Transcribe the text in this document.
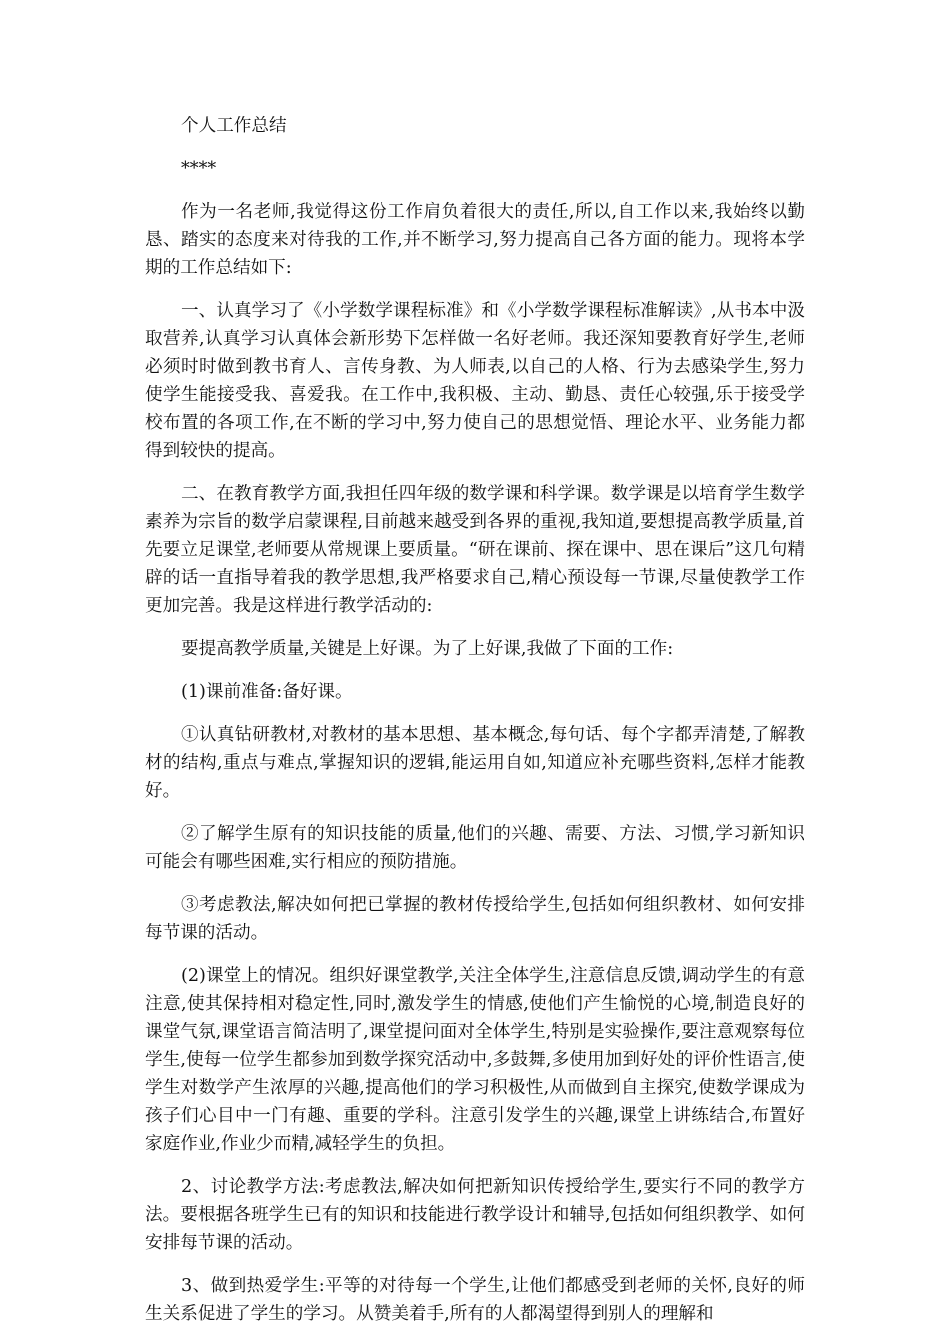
个人工作总结

****

作为一名老师,我觉得这份工作肩负着很大的责任,所以,自工作以来,我始终以勤恳、踏实的态度来对待我的工作,并不断学习,努力提高自己各方面的能力。现将本学期的工作总结如下:

一、认真学习了《小学数学课程标准》和《小学数学课程标准解读》,从书本中汲取营养,认真学习认真体会新形势下怎样做一名好老师。我还深知要教育好学生,老师必须时时做到教书育人、言传身教、为人师表,以自己的人格、行为去感染学生,努力使学生能接受我、喜爱我。在工作中,我积极、主动、勤恳、责任心较强,乐于接受学校布置的各项工作,在不断的学习中,努力使自己的思想觉悟、理论水平、业务能力都得到较快的提高。

二、在教育教学方面,我担任四年级的数学课和科学课。数学课是以培育学生数学素养为宗旨的数学启蒙课程,目前越来越受到各界的重视,我知道,要想提高教学质量,首先要立足课堂,老师要从常规课上要质量。“研在课前、探在课中、思在课后”这几句精辟的话一直指导着我的教学思想,我严格要求自己,精心预设每一节课,尽量使教学工作更加完善。我是这样进行教学活动的:

要提高教学质量,关键是上好课。为了上好课,我做了下面的工作:

(1)课前准备:备好课。

①认真钻研教材,对教材的基本思想、基本概念,每句话、每个字都弄清楚,了解教材的结构,重点与难点,掌握知识的逻辑,能运用自如,知道应补充哪些资料,怎样才能教好。

②了解学生原有的知识技能的质量,他们的兴趣、需要、方法、习惯,学习新知识可能会有哪些困难,实行相应的预防措施。

③考虑教法,解决如何把已掌握的教材传授给学生,包括如何组织教材、如何安排每节课的活动。

(2)课堂上的情况。组织好课堂教学,关注全体学生,注意信息反馈,调动学生的有意注意,使其保持相对稳定性,同时,激发学生的情感,使他们产生愉悦的心境,制造良好的课堂气氛,课堂语言简洁明了,课堂提问面对全体学生,特别是实验操作,要注意观察每位学生,使每一位学生都参加到数学探究活动中,多鼓舞,多使用加到好处的评价性语言,使学生对数学产生浓厚的兴趣,提高他们的学习积极性,从而做到自主探究,使数学课成为孩子们心目中一门有趣、重要的学科。注意引发学生的兴趣,课堂上讲练结合,布置好家庭作业,作业少而精,减轻学生的负担。

2、讨论教学方法:考虑教法,解决如何把新知识传授给学生,要实行不同的教学方法。要根据各班学生已有的知识和技能进行教学设计和辅导,包括如何组织教学、如何安排每节课的活动。

3、做到热爱学生:平等的对待每一个学生,让他们都感受到老师的关怀,良好的师生关系促进了学生的学习。从赞美着手,所有的人都渴望得到别人的理解和
